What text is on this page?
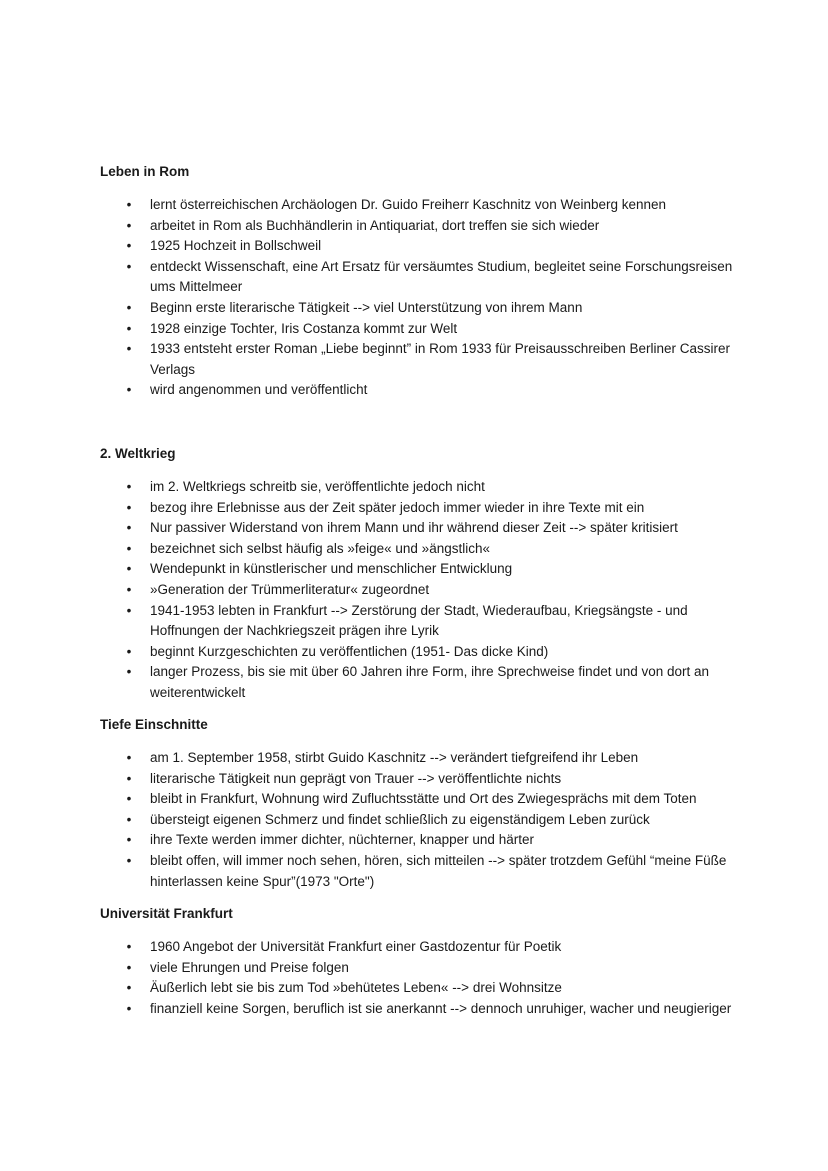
Leben in Rom

• lernt österreichischen Archäologen Dr. Guido Freiherr Kaschnitz von Weinberg kennen
• arbeitet in Rom als Buchhändlerin in Antiquariat, dort treffen sie sich wieder
• 1925 Hochzeit in Bollschweil
• entdeckt Wissenschaft, eine Art Ersatz für versäumtes Studium, begleitet seine Forschungsreisen ums Mittelmeer
• Beginn erste literarische Tätigkeit --> viel Unterstützung von ihrem Mann
• 1928 einzige Tochter, Iris Costanza kommt zur Welt
• 1933 entsteht erster Roman „Liebe beginnt” in Rom 1933 für Preisausschreiben Berliner Cassirer Verlags
• wird angenommen und veröffentlicht

2. Weltkrieg

• im 2. Weltkriegs schreitb sie, veröffentlichte jedoch nicht
• bezog ihre Erlebnisse aus der Zeit später jedoch immer wieder in ihre Texte mit ein
• Nur passiver Widerstand von ihrem Mann und ihr während dieser Zeit --> später kritisiert
• bezeichnet sich selbst häufig als »feige« und »ängstlich«
• Wendepunkt in künstlerischer und menschlicher Entwicklung
• »Generation der Trümmerliteratur« zugeordnet
• 1941-1953 lebten in Frankfurt --> Zerstörung der Stadt, Wiederaufbau, Kriegsängste - und Hoffnungen der Nachkriegszeit prägen ihre Lyrik
• beginnt Kurzgeschichten zu veröffentlichen (1951- Das dicke Kind)
• langer Prozess, bis sie mit über 60 Jahren ihre Form, ihre Sprechweise findet und von dort an weiterentwickelt

Tiefe Einschnitte

• am 1. September 1958, stirbt Guido Kaschnitz --> verändert tiefgreifend ihr Leben
• literarische Tätigkeit nun geprägt von Trauer --> veröffentlichte nichts
• bleibt in Frankfurt, Wohnung wird Zufluchtsstätte und Ort des Zwiegesprächs mit dem Toten
• übersteigt eigenen Schmerz und findet schließlich zu eigenständigem Leben zurück
• ihre Texte werden immer dichter, nüchterner, knapper und härter
• bleibt offen, will immer noch sehen, hören, sich mitteilen --> später trotzdem Gefühl “meine Füße hinterlassen keine Spur”(1973 "Orte")

Universität Frankfurt

• 1960 Angebot der Universität Frankfurt einer Gastdozentur für Poetik
• viele Ehrungen und Preise folgen
• Äußerlich lebt sie bis zum Tod »behütetes Leben« --> drei Wohnsitze
• finanziell keine Sorgen, beruflich ist sie anerkannt --> dennoch unruhiger, wacher und neugieriger
